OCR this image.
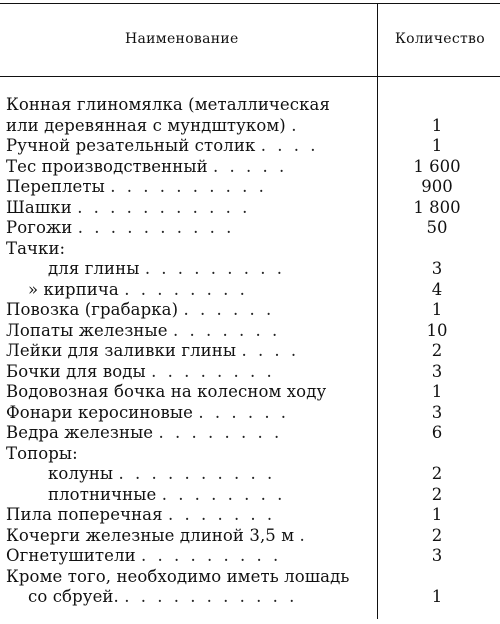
Наименование	Количество
Конная глиномялка (металлическая
или деревянная с мундштуком) .	1
Ручной резательный столик . . . .	1
Тес производственный . . . . .	1 600
Переплеты . . . . . . . . . .	900
Шашки . . . . . . . . . . .	1 800
Рогожи . . . . . . . . . .	50
Тачки:
для глины . . . . . . . . .	3
» кирпича . . . . . . . .	4
Повозка (грабарка) . . . . . .	1
Лопаты железные . . . . . . .	10
Лейки для заливки глины . . . .	2
Бочки для воды . . . . . . . .	3
Водовозная бочка на колесном ходу	1
Фонари керосиновые . . . . . .	3
Ведра железные . . . . . . . .	6
Топоры:
колуны . . . . . . . . . .	2
плотничные . . . . . . . .	2
Пила поперечная . . . . . . .	1
Кочерги железные длиной 3,5 м .	2
Огнетушители . . . . . . . . .	3
Кроме того, необходимо иметь лошадь
со сбруей. . . . . . . . . . . .	1
